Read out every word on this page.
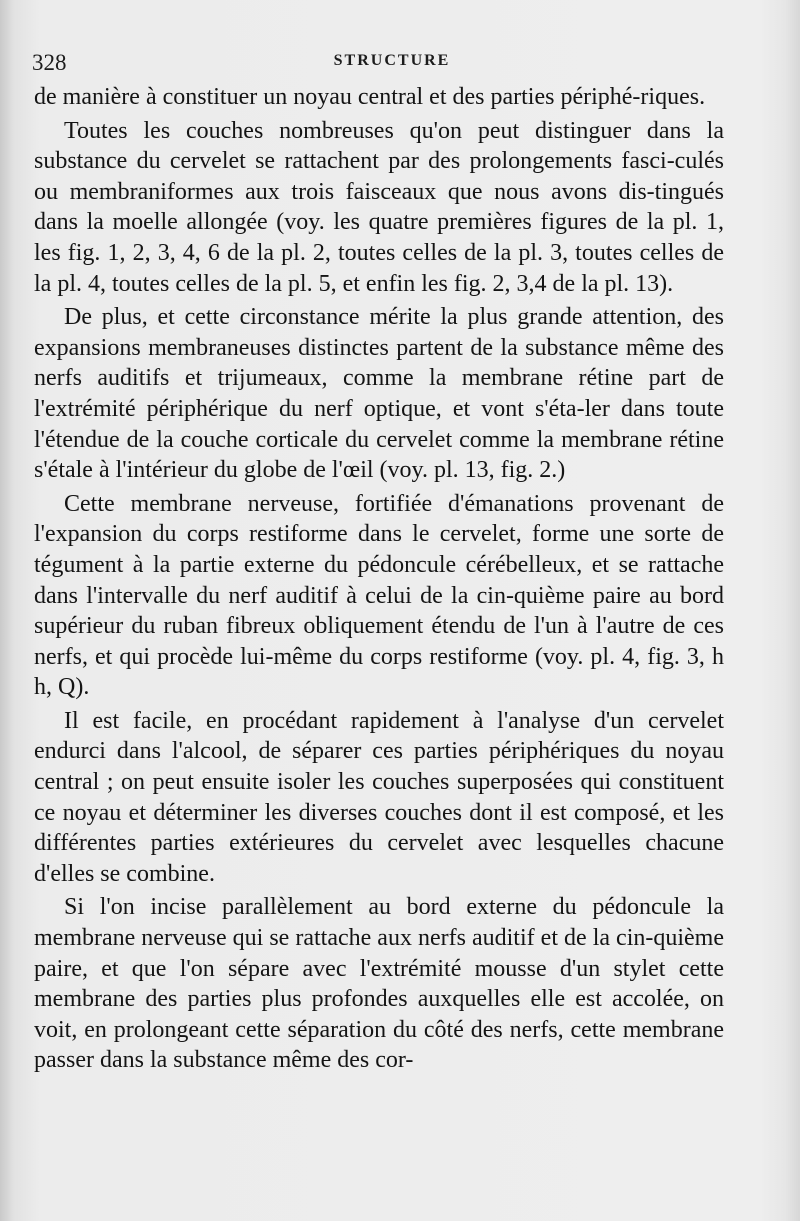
328	STRUCTURE

de manière à constituer un noyau central et des parties périphé-riques.

Toutes les couches nombreuses qu'on peut distinguer dans la substance du cervelet se rattachent par des prolongements fasci-culés ou membraniformes aux trois faisceaux que nous avons dis-tingués dans la moelle allongée (voy. les quatre premières figures de la pl. 1, les fig. 1, 2, 3, 4, 6 de la pl. 2, toutes celles de la pl. 3, toutes celles de la pl. 4, toutes celles de la pl. 5, et enfin les fig. 2, 3,4 de la pl. 13).

De plus, et cette circonstance mérite la plus grande attention, des expansions membraneuses distinctes partent de la substance même des nerfs auditifs et trijumeaux, comme la membrane rétine part de l'extrémité périphérique du nerf optique, et vont s'éta-ler dans toute l'étendue de la couche corticale du cervelet comme la membrane rétine s'étale à l'intérieur du globe de l'œil (voy. pl. 13, fig. 2.)

Cette membrane nerveuse, fortifiée d'émanations provenant de l'expansion du corps restiforme dans le cervelet, forme une sorte de tégument à la partie externe du pédoncule cérébelleux, et se rattache dans l'intervalle du nerf auditif à celui de la cin-quième paire au bord supérieur du ruban fibreux obliquement étendu de l'un à l'autre de ces nerfs, et qui procède lui-même du corps restiforme (voy. pl. 4, fig. 3, h h, Q).

Il est facile, en procédant rapidement à l'analyse d'un cervelet endurci dans l'alcool, de séparer ces parties périphériques du noyau central ; on peut ensuite isoler les couches superposées qui constituent ce noyau et déterminer les diverses couches dont il est composé, et les différentes parties extérieures du cervelet avec lesquelles chacune d'elles se combine.

Si l'on incise parallèlement au bord externe du pédoncule la membrane nerveuse qui se rattache aux nerfs auditif et de la cin-quième paire, et que l'on sépare avec l'extrémité mousse d'un stylet cette membrane des parties plus profondes auxquelles elle est accolée, on voit, en prolongeant cette séparation du côté des nerfs, cette membrane passer dans la substance même des cor-
